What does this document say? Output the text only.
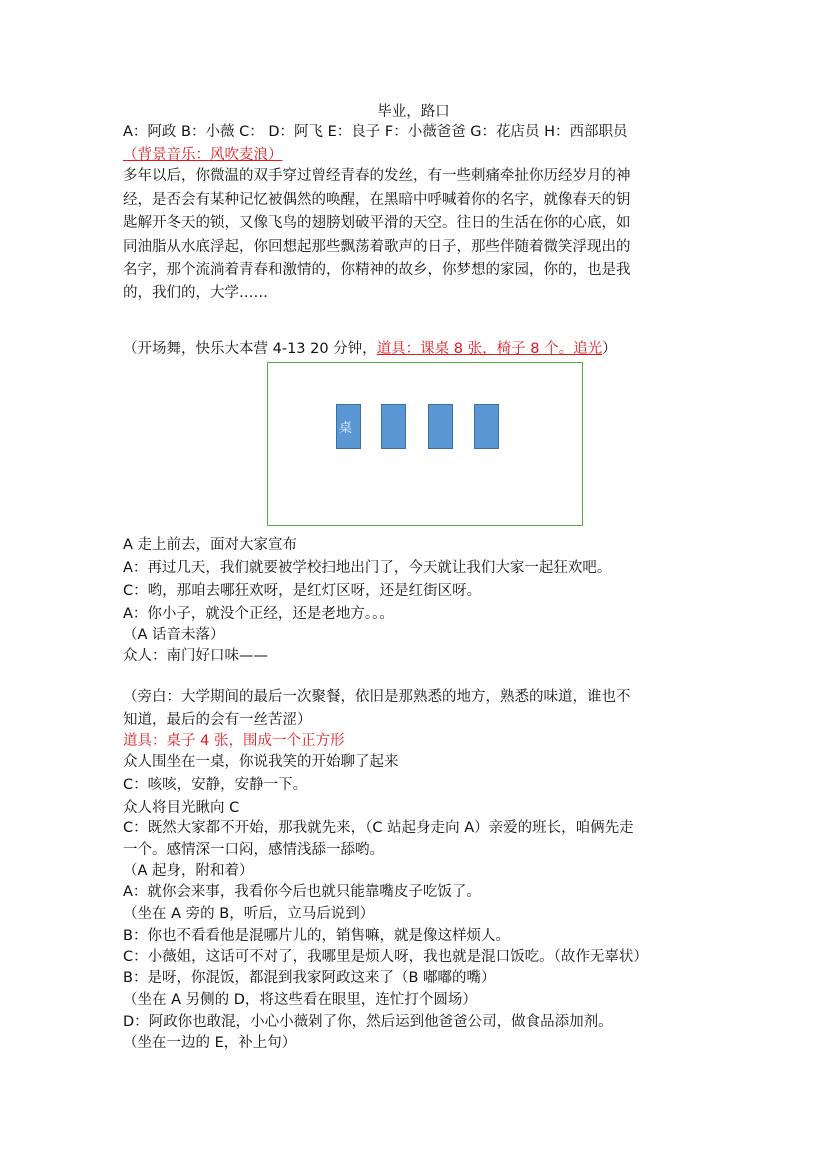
毕业，路口
A：阿政 B：小薇 C： D：阿飞 E：良子 F：小薇爸爸 G：花店员 H：西部职员
（背景音乐：风吹麦浪）
多年以后，你微温的双手穿过曾经青春的发丝，有一些刺痛牵扯你历经岁月的神
经，是否会有某种记忆被偶然的唤醒，在黑暗中呼喊着你的名字，就像春天的钥
匙解开冬天的锁，又像飞鸟的翅膀划破平滑的天空。往日的生活在你的心底，如
同油脂从水底浮起，你回想起那些飘荡着歌声的日子，那些伴随着微笑浮现出的
名字，那个流淌着青春和激情的，你精神的故乡，你梦想的家园，你的，也是我
的，我们的，大学……
（开场舞，快乐大本营 4-13 20 分钟，道具：课桌 8 张，椅子 8 个。追光）
桌
A 走上前去，面对大家宣布
A：再过几天，我们就要被学校扫地出门了，今天就让我们大家一起狂欢吧。
C：哟，那咱去哪狂欢呀，是红灯区呀，还是红街区呀。
A：你小子，就没个正经，还是老地方。。。
（A 话音未落）
众人：南门好口味——
（旁白：大学期间的最后一次聚餐，依旧是那熟悉的地方，熟悉的味道，谁也不
知道，最后的会有一丝苦涩）
道具：桌子 4 张，围成一个正方形
众人围坐在一桌，你说我笑的开始聊了起来
C：咳咳，安静，安静一下。
众人将目光瞅向 C
C：既然大家都不开始，那我就先来，（C 站起身走向 A）亲爱的班长，咱俩先走
一个。感情深一口闷，感情浅舔一舔哟。
（A 起身，附和着）
A：就你会来事，我看你今后也就只能靠嘴皮子吃饭了。
（坐在 A 旁的 B，听后，立马后说到）
B：你也不看看他是混哪片儿的，销售嘛，就是像这样烦人。
C：小薇姐，这话可不对了，我哪里是烦人呀，我也就是混口饭吃。（故作无辜状）
B：是呀，你混饭，都混到我家阿政这来了（B 嘟嘟的嘴）
（坐在 A 另侧的 D，将这些看在眼里，连忙打个圆场）
D：阿政你也敢混，小心小薇剁了你，然后运到他爸爸公司，做食品添加剂。
（坐在一边的 E，补上句）
